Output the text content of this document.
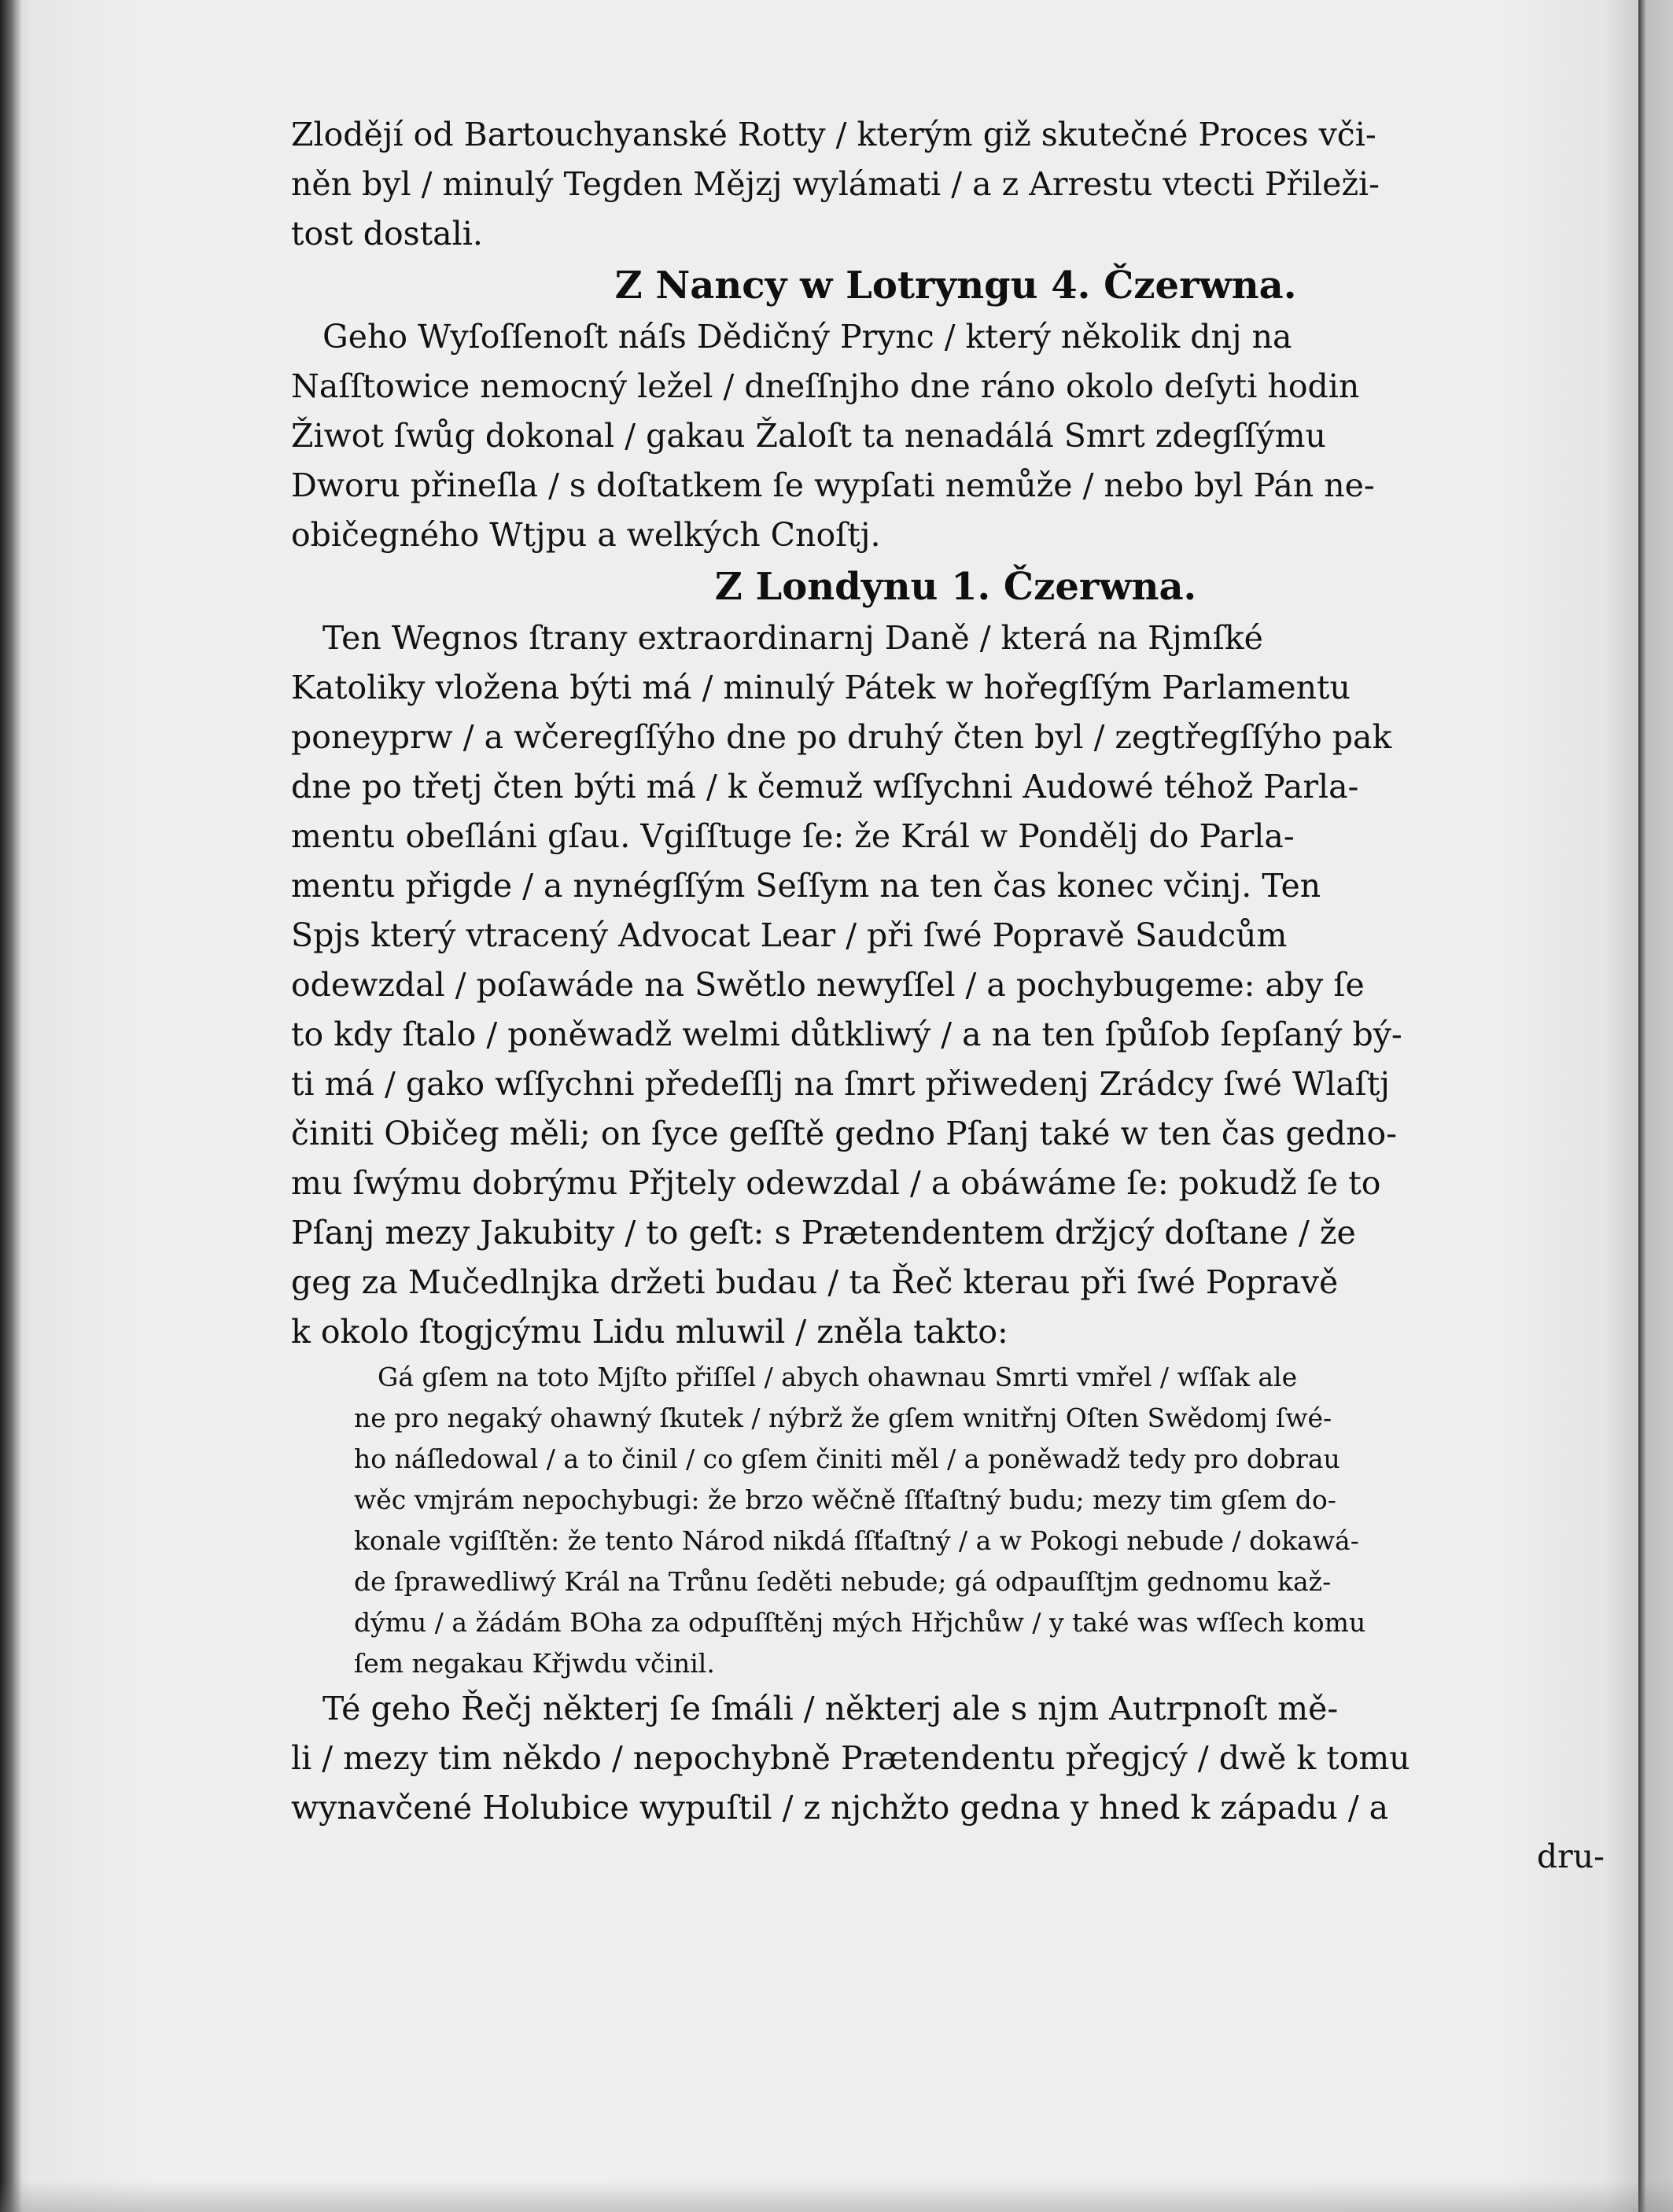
Zlodějí od Bartouchyanské Rotty / kterým giž skutečné Proces vči-
něn byl / minulý Tegden Mějzj wylámati / a z Arrestu vtecti Přileži-
tost dostali.
Z Nancy w Lotryngu 4. Čzerwna.
Geho Wyſoſſenoſt náſs Dědičný Prync / který několik dnj na
Naſſtowice nemocný ležel / dneſſnjho dne ráno okolo deſyti hodin
Žiwot ſwůg dokonal / gakau Žaloſt ta nenadálá Smrt zdegſſýmu
Dworu přineſla / s doſtatkem ſe wypſati nemůže / nebo byl Pán ne-
običegného Wtjpu a welkých Cnoſtj.
Z Londynu 1. Čzerwna.
Ten Wegnos ſtrany extraordinarnj Daně / která na Rjmſké
Katoliky vložena býti má / minulý Pátek w hořegſſým Parlamentu
poneyprw / a wčeregſſýho dne po druhý čten byl / zegtřegſſýho pak
dne po třetj čten býti má / k čemuž wſſychni Audowé téhož Parla-
mentu obeſláni gſau. Vgiſſtuge ſe: že Král w Pondělj do Parla-
mentu přigde / a nynégſſým Seſſym na ten čas konec včinj. Ten
Spjs který vtracený Advocat Lear / při ſwé Popravě Saudcům
odewzdal / poſawáde na Swětlo newyſſel / a pochybugeme: aby ſe
to kdy ſtalo / poněwadž welmi důtkliwý / a na ten ſpůſob ſepſaný bý-
ti má / gako wſſychni předeſſlj na ſmrt přiwedenj Zrádcy ſwé Wlaſtj
činiti Običeg měli; on ſyce geſſtě gedno Pſanj také w ten čas gedno-
mu ſwýmu dobrýmu Přjtely odewzdal / a obáwáme ſe: pokudž ſe to
Pſanj mezy Jakubity / to geſt: s Prætendentem držjcý doſtane / že
geg za Mučedlnjka držeti budau / ta Řeč kterau při ſwé Popravě
k okolo ſtogjcýmu Lidu mluwil / zněla takto:
Gá gſem na toto Mjſto přiſſel / abych ohawnau Smrti vmřel / wſſak ale
ne pro negaký ohawný ſkutek / nýbrž že gſem wnitřnj Oſten Swědomj ſwé-
ho náſledowal / a to činil / co gſem činiti měl / a poněwadž tedy pro dobrau
wěc vmjrám nepochybugi: že brzo wěčně ſſťaſtný budu; mezy tim gſem do-
konale vgiſſtěn: že tento Národ nikdá ſſťaſtný / a w Pokogi nebude / dokawá-
de ſprawedliwý Král na Trůnu ſeděti nebude; gá odpauſſtjm gednomu kaž-
dýmu / a žádám BOha za odpuſſtěnj mých Hřjchůw / y také was wſſech komu
ſem negakau Křjwdu včinil.
Té geho Řečj některj ſe ſmáli / některj ale s njm Autrpnoſt mě-
li / mezy tim někdo / nepochybně Prætendentu přegjcý / dwě k tomu
wynavčené Holubice wypuſtil / z njchžto gedna y hned k západu / a
dru-
